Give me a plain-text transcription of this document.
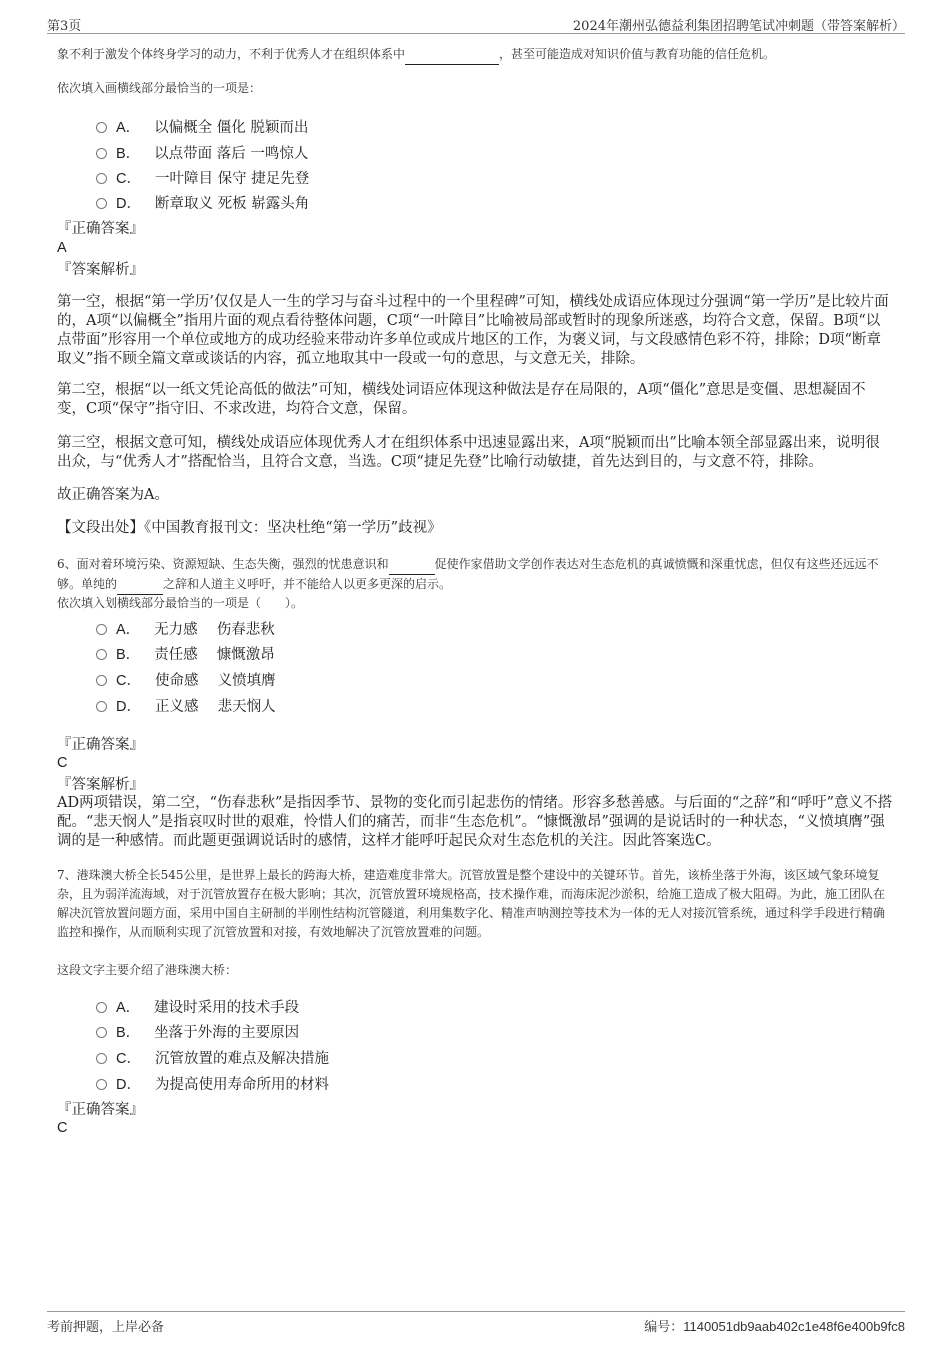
第3页	2024年潮州弘德益利集团招聘笔试冲刺题（带答案解析）
象不利于激发个体终身学习的动力，不利于优秀人才在组织体系中	，甚至可能造成对知识价值与教育功能的信任危机。
依次填入画横线部分最恰当的一项是：
A． 以偏概全 僵化 脱颖而出
B． 以点带面 落后 一鸣惊人
C． 一叶障目 保守 捷足先登
D． 断章取义 死板 崭露头角
『正确答案』
A
『答案解析』
第一空，根据“第一学历’仅仅是人一生的学习与奋斗过程中的一个里程碑”可知，横线处成语应体现过分强调“第一学历”是比较片面的，A项“以偏概全”指用片面的观点看待整体问题，C项“一叶障目”比喻被局部或暂时的现象所迷惑，均符合文意，保留。B项“以点带面”形容用一个单位或地方的成功经验来带动许多单位或成片地区的工作，为褒义词，与文段感情色彩不符，排除；D项“断章取义”指不顾全篇文章或谈话的内容，孤立地取其中一段或一句的意思，与文意无关，排除。
第二空，根据“以一纸文凭论高低的做法”可知，横线处词语应体现这种做法是存在局限的，A项“僵化”意思是变僵、思想凝固不变，C项“保守”指守旧、不求改进，均符合文意，保留。
第三空，根据文意可知，横线处成语应体现优秀人才在组织体系中迅速显露出来，A项“脱颖而出”比喻本领全部显露出来，说明很出众，与“优秀人才”搭配恰当，且符合文意，当选。C项“捷足先登”比喻行动敏捷，首先达到目的，与文意不符，排除。
故正确答案为A。
【文段出处】《中国教育报刊文：坚决杜绝“第一学历”歧视》
6、面对着环境污染、资源短缺、生态失衡，强烈的忧患意识和	促使作家借助文学创作表达对生态危机的真诚愤慨和深重忧虑，但仅有这些还远远不够。单纯的	之辞和人道主义呼吁，并不能给人以更多更深的启示。
依次填入划横线部分最恰当的一项是（　　）。
A． 无力感　 伤春悲秋
B． 责任感　 慷慨激昂
C． 使命感　 义愤填膺
D． 正义感　 悲天悯人
『正确答案』
C
『答案解析』
AD两项错误，第二空，“伤春悲秋”是指因季节、景物的变化而引起悲伤的情绪。形容多愁善感。与后面的“之辞”和“呼吁”意义不搭配。“悲天悯人”是指哀叹时世的艰难，怜惜人们的痛苦，而非“生态危机”。“慷慨激昂”强调的是说话时的一种状态，“义愤填膺”强调的是一种感情。而此题更强调说话时的感情，这样才能呼吁起民众对生态危机的关注。因此答案选C。
7、港珠澳大桥全长545公里，是世界上最长的跨海大桥，建造难度非常大。沉管放置是整个建设中的关键环节。首先，该桥坐落于外海，该区域气象环境复杂，且为弱洋流海域，对于沉管放置存在极大影响；其次，沉管放置环境规格高，技术操作难，而海床泥沙淤积，给施工造成了极大阻碍。为此，施工团队在解决沉管放置问题方面，采用中国自主研制的半刚性结构沉管隧道，利用集数字化、精准声呐测控等技术为一体的无人对接沉管系统，通过科学手段进行精确监控和操作，从而顺利实现了沉管放置和对接，有效地解决了沉管放置难的问题。
这段文字主要介绍了港珠澳大桥：
A． 建设时采用的技术手段
B． 坐落于外海的主要原因
C． 沉管放置的难点及解决措施
D． 为提高使用寿命所用的材料
『正确答案』
C
考前押题，上岸必备	编号：1140051db9aab402c1e48f6e400b9fc8
